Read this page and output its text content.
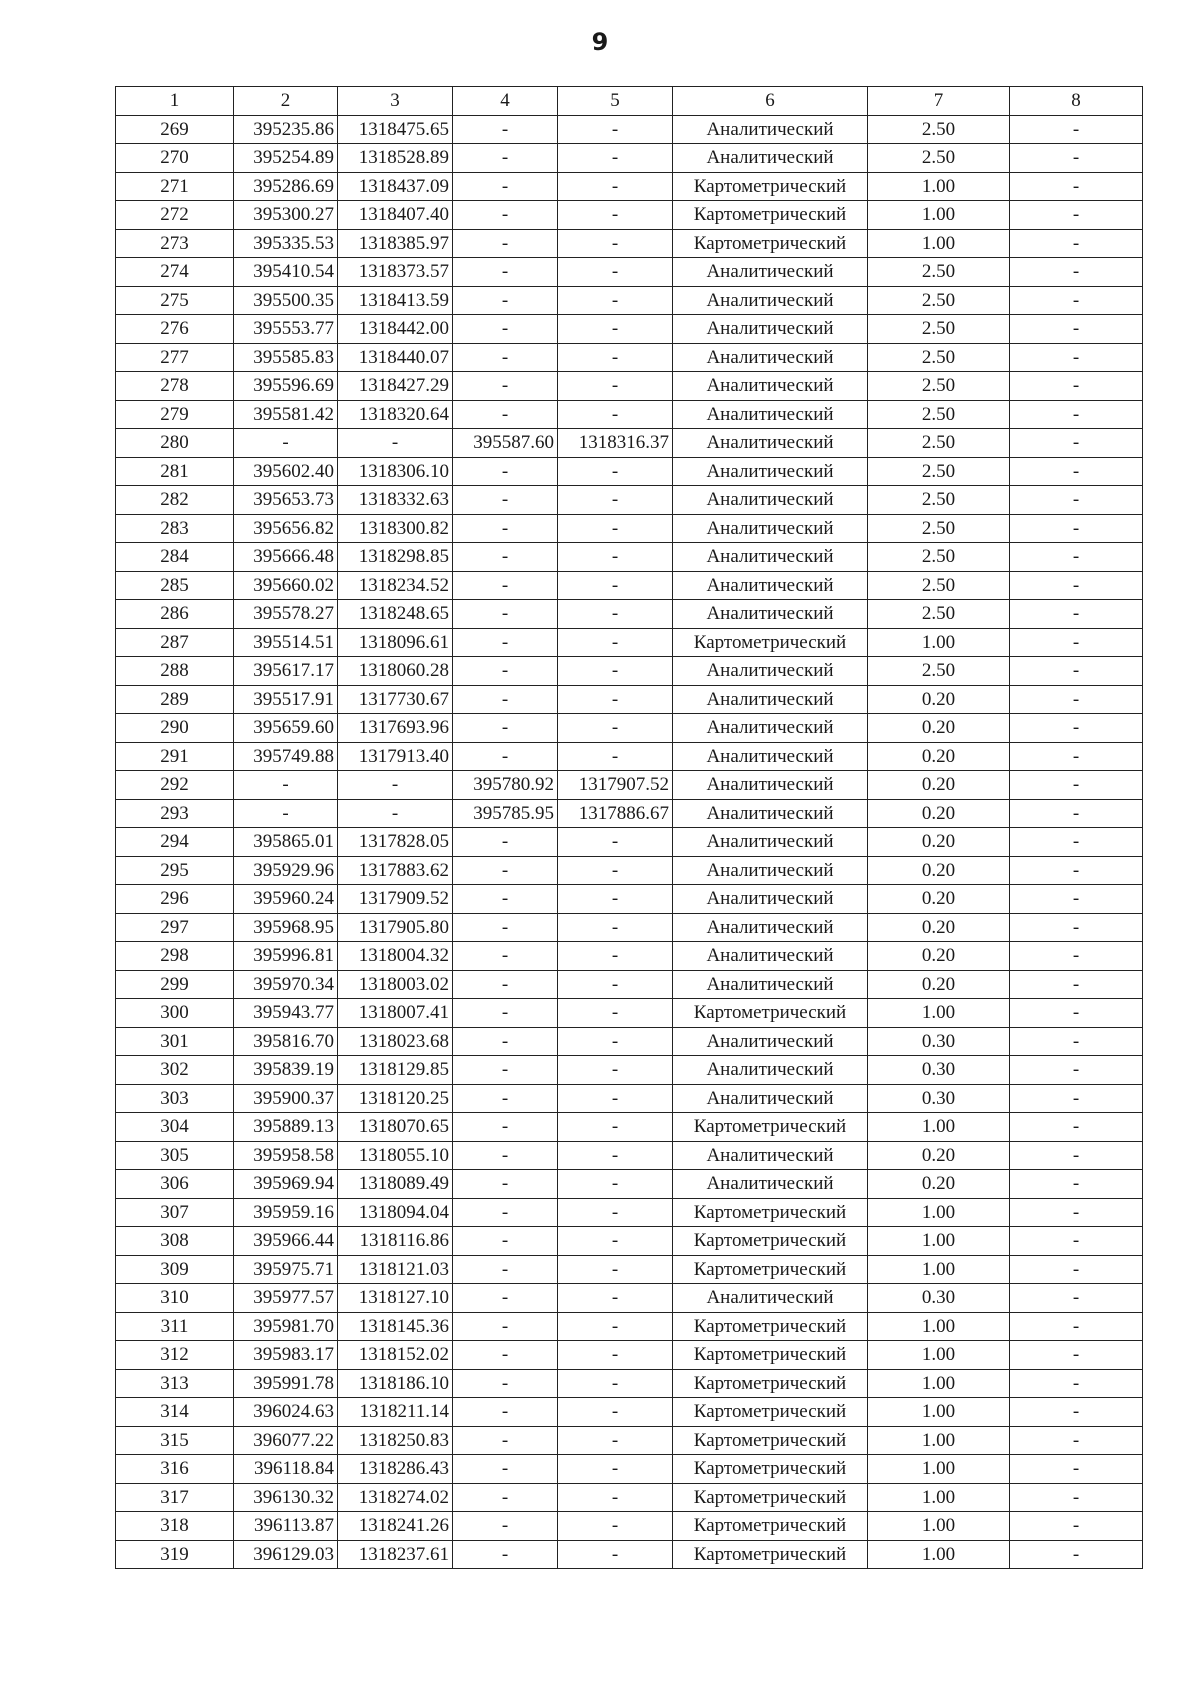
9
1	2	3	4	5	6	7	8
269	395235.86	1318475.65	-	-	Аналитический	2.50	-
270	395254.89	1318528.89	-	-	Аналитический	2.50	-
271	395286.69	1318437.09	-	-	Картометрический	1.00	-
272	395300.27	1318407.40	-	-	Картометрический	1.00	-
273	395335.53	1318385.97	-	-	Картометрический	1.00	-
274	395410.54	1318373.57	-	-	Аналитический	2.50	-
275	395500.35	1318413.59	-	-	Аналитический	2.50	-
276	395553.77	1318442.00	-	-	Аналитический	2.50	-
277	395585.83	1318440.07	-	-	Аналитический	2.50	-
278	395596.69	1318427.29	-	-	Аналитический	2.50	-
279	395581.42	1318320.64	-	-	Аналитический	2.50	-
280	-	-	395587.60	1318316.37	Аналитический	2.50	-
281	395602.40	1318306.10	-	-	Аналитический	2.50	-
282	395653.73	1318332.63	-	-	Аналитический	2.50	-
283	395656.82	1318300.82	-	-	Аналитический	2.50	-
284	395666.48	1318298.85	-	-	Аналитический	2.50	-
285	395660.02	1318234.52	-	-	Аналитический	2.50	-
286	395578.27	1318248.65	-	-	Аналитический	2.50	-
287	395514.51	1318096.61	-	-	Картометрический	1.00	-
288	395617.17	1318060.28	-	-	Аналитический	2.50	-
289	395517.91	1317730.67	-	-	Аналитический	0.20	-
290	395659.60	1317693.96	-	-	Аналитический	0.20	-
291	395749.88	1317913.40	-	-	Аналитический	0.20	-
292	-	-	395780.92	1317907.52	Аналитический	0.20	-
293	-	-	395785.95	1317886.67	Аналитический	0.20	-
294	395865.01	1317828.05	-	-	Аналитический	0.20	-
295	395929.96	1317883.62	-	-	Аналитический	0.20	-
296	395960.24	1317909.52	-	-	Аналитический	0.20	-
297	395968.95	1317905.80	-	-	Аналитический	0.20	-
298	395996.81	1318004.32	-	-	Аналитический	0.20	-
299	395970.34	1318003.02	-	-	Аналитический	0.20	-
300	395943.77	1318007.41	-	-	Картометрический	1.00	-
301	395816.70	1318023.68	-	-	Аналитический	0.30	-
302	395839.19	1318129.85	-	-	Аналитический	0.30	-
303	395900.37	1318120.25	-	-	Аналитический	0.30	-
304	395889.13	1318070.65	-	-	Картометрический	1.00	-
305	395958.58	1318055.10	-	-	Аналитический	0.20	-
306	395969.94	1318089.49	-	-	Аналитический	0.20	-
307	395959.16	1318094.04	-	-	Картометрический	1.00	-
308	395966.44	1318116.86	-	-	Картометрический	1.00	-
309	395975.71	1318121.03	-	-	Картометрический	1.00	-
310	395977.57	1318127.10	-	-	Аналитический	0.30	-
311	395981.70	1318145.36	-	-	Картометрический	1.00	-
312	395983.17	1318152.02	-	-	Картометрический	1.00	-
313	395991.78	1318186.10	-	-	Картометрический	1.00	-
314	396024.63	1318211.14	-	-	Картометрический	1.00	-
315	396077.22	1318250.83	-	-	Картометрический	1.00	-
316	396118.84	1318286.43	-	-	Картометрический	1.00	-
317	396130.32	1318274.02	-	-	Картометрический	1.00	-
318	396113.87	1318241.26	-	-	Картометрический	1.00	-
319	396129.03	1318237.61	-	-	Картометрический	1.00	-
